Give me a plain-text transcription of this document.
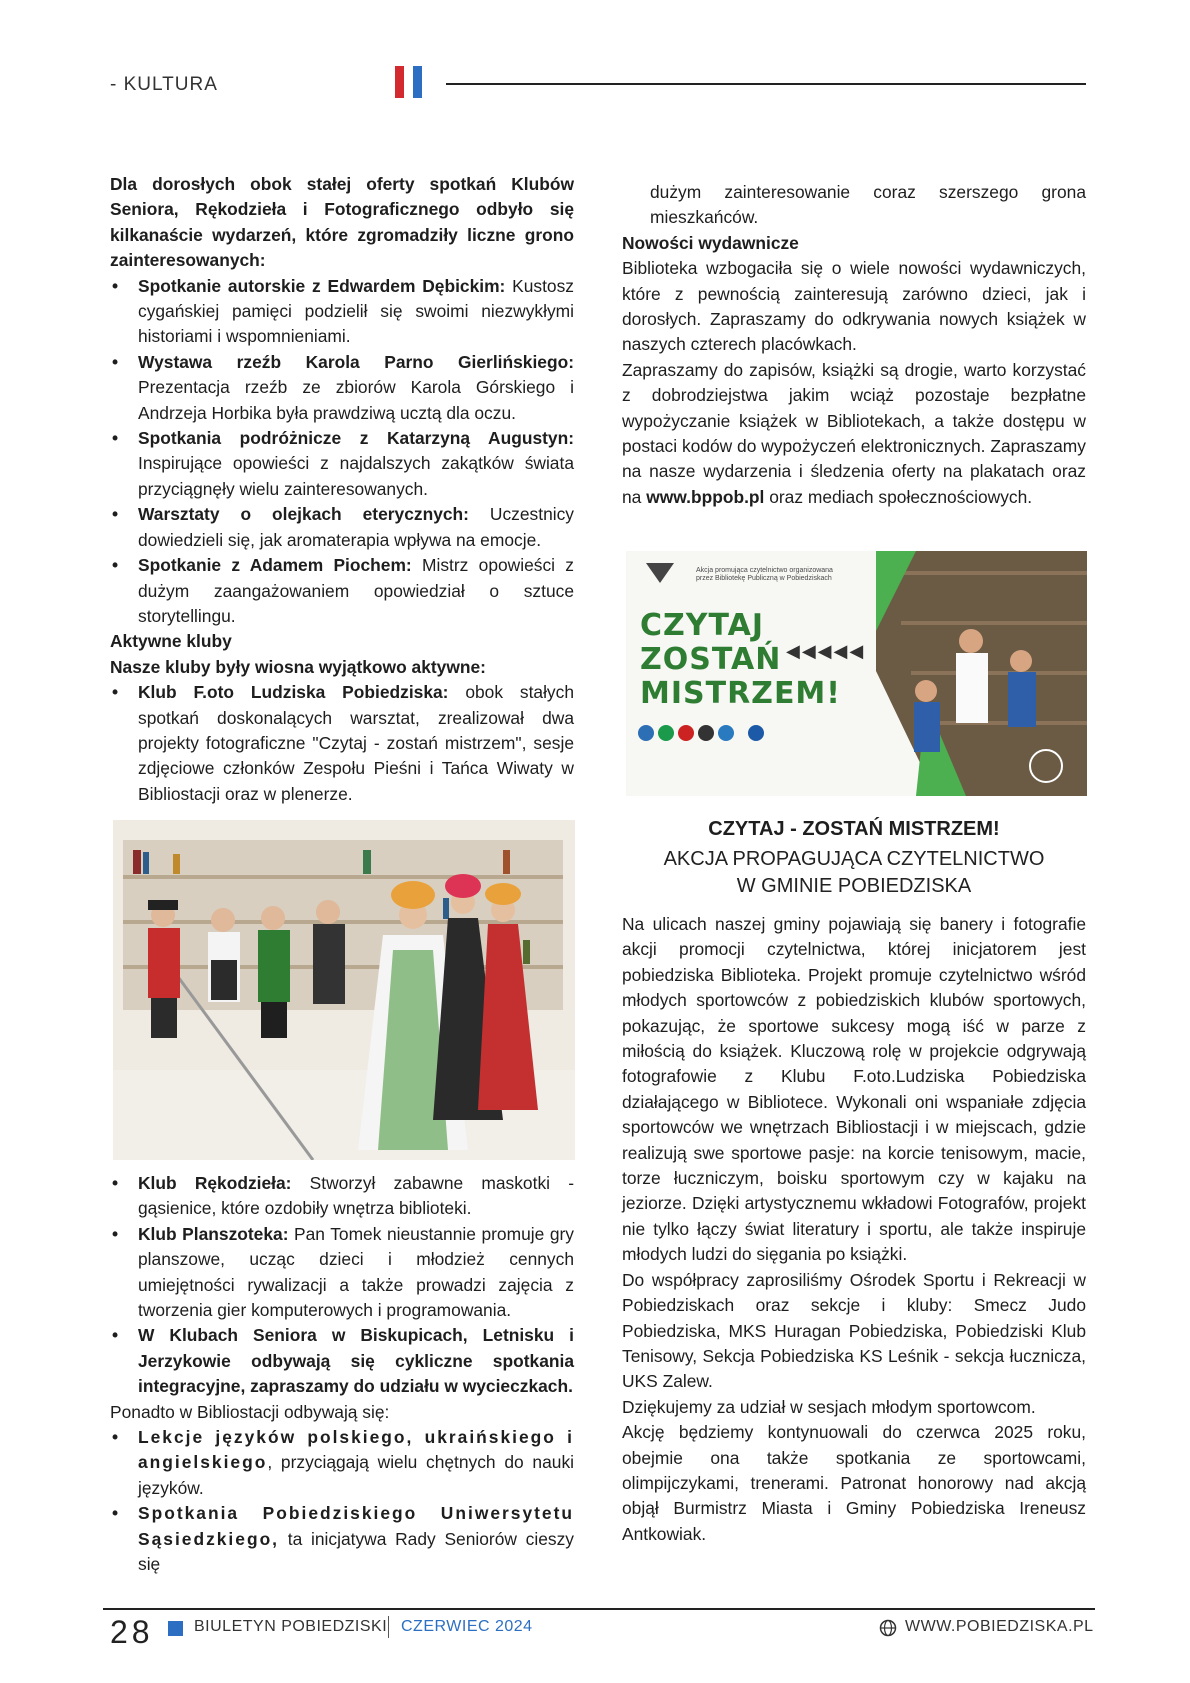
- KULTURA

Dla dorosłych obok stałej oferty spotkań Klubów Seniora, Rękodzieła i Fotograficznego odbyło się kilkanaście wydarzeń, które zgromadziły liczne grono zainteresowanych:

• Spotkanie autorskie z Edwardem Dębickim: Kustosz cygańskiej pamięci podzielił się swoimi niezwykłymi historiami i wspomnieniami.
• Wystawa rzeźb Karola Parno Gierlińskiego: Prezentacja rzeźb ze zbiorów Karola Górskiego i Andrzeja Horbika była prawdziwą ucztą dla oczu.
• Spotkania podróżnicze z Katarzyną Augustyn: Inspirujące opowieści z najdalszych zakątków świata przyciągnęły wielu zainteresowanych.
• Warsztaty o olejkach eterycznych: Uczestnicy dowiedzieli się, jak aromaterapia wpływa na emocje.
• Spotkanie z Adamem Piochem: Mistrz opowieści z dużym zaangażowaniem opowiedział o sztuce storytellingu.
Aktywne kluby
Nasze kluby były wiosna wyjątkowo aktywne:
• Klub F.oto Ludziska Pobiedziska: obok stałych spotkań doskonalących warsztat, zrealizował dwa projekty fotograficzne "Czytaj - zostań mistrzem", sesje zdjęciowe członków Zespołu Pieśni i Tańca Wiwaty w Bibliostacji oraz w plenerze.
• Klub Rękodzieła: Stworzył zabawne maskotki - gąsienice, które ozdobiły wnętrza biblioteki.
• Klub Planszoteka: Pan Tomek nieustannie promuje gry planszowe, ucząc dzieci i młodzież cennych umiejętności rywalizacji a także prowadzi zajęcia z tworzenia gier komputerowych i programowania.
• W Klubach Seniora w Biskupicach, Letnisku i Jerzykowie odbywają się cykliczne spotkania integracyjne, zapraszamy do udziału w wycieczkach.
Ponadto w Bibliostacji odbywają się:
• Lekcje języków polskiego, ukraińskiego i angielskiego, przyciągają wielu chętnych do nauki języków.
• Spotkania Pobiedziskiego Uniwersytetu Sąsiedzkiego, ta inicjatywa Rady Seniorów cieszy się
dużym zainteresowanie coraz szerszego grona mieszkańców.
Nowości wydawnicze

Biblioteka wzbogaciła się o wiele nowości wydawniczych, które z pewnością zainteresują zarówno dzieci, jak i dorosłych. Zapraszamy do odkrywania nowych książek w naszych czterech placówkach.

Zapraszamy do zapisów, książki są drogie, warto korzystać z dobrodziejstwa jakim wciąż pozostaje bezpłatne wypożyczanie książek w Bibliotekach, a także dostępu w postaci kodów do wypożyczeń elektronicznych. Zapraszamy na nasze wydarzenia i śledzenia oferty na plakatach oraz na www.bppob.pl oraz mediach społecznościowych.

Akcja promująca czytelnictwo organizowana przez Bibliotekę Publiczną w Pobiedziskach
CZYTAJ
ZOSTAŃ
MISTRZEM!
◀◀◀◀◀
CZYTAJ - ZOSTAŃ MISTRZEM!
AKCJA PROPAGUJĄCA CZYTELNICTWO
W GMINIE POBIEDZISKA

Na ulicach naszej gminy pojawiają się banery i fotografie akcji promocji czytelnictwa, której inicjatorem jest pobiedziska Biblioteka. Projekt promuje czytelnictwo wśród młodych sportowców z pobiedziskich klubów sportowych, pokazując, że sportowe sukcesy mogą iść w parze z miłością do książek. Kluczową rolę w projekcie odgrywają fotografowie z Klubu F.oto.Ludziska Pobiedziska działającego w Bibliotece. Wykonali oni wspaniałe zdjęcia sportowców we wnętrzach Bibliostacji i w miejscach, gdzie realizują swe sportowe pasje: na korcie tenisowym, macie, torze łuczniczym, boisku sportowym czy w kajaku na jeziorze. Dzięki artystycznemu wkładowi Fotografów, projekt nie tylko łączy świat literatury i sportu, ale także inspiruje młodych ludzi do sięgania po książki.

Do współpracy zaprosiliśmy Ośrodek Sportu i Rekreacji w Pobiedziskach oraz sekcje i kluby: Smecz Judo Pobiedziska, MKS Huragan Pobiedziska, Pobiedziski Klub Tenisowy, Sekcja Pobiedziska KS Leśnik - sekcja łucznicza, UKS Zalew.

Dziękujemy za udział w sesjach młodym sportowcom.

Akcję będziemy kontynuowali do czerwca 2025 roku, obejmie ona także spotkania ze sportowcami, olimpijczykami, trenerami. Patronat honorowy nad akcją objął Burmistrz Miasta i Gminy Pobiedziska Ireneusz Antkowiak.

28	BIULETYN POBIEDZISKI CZERWIEC 2024	WWW.POBIEDZISKA.PL
